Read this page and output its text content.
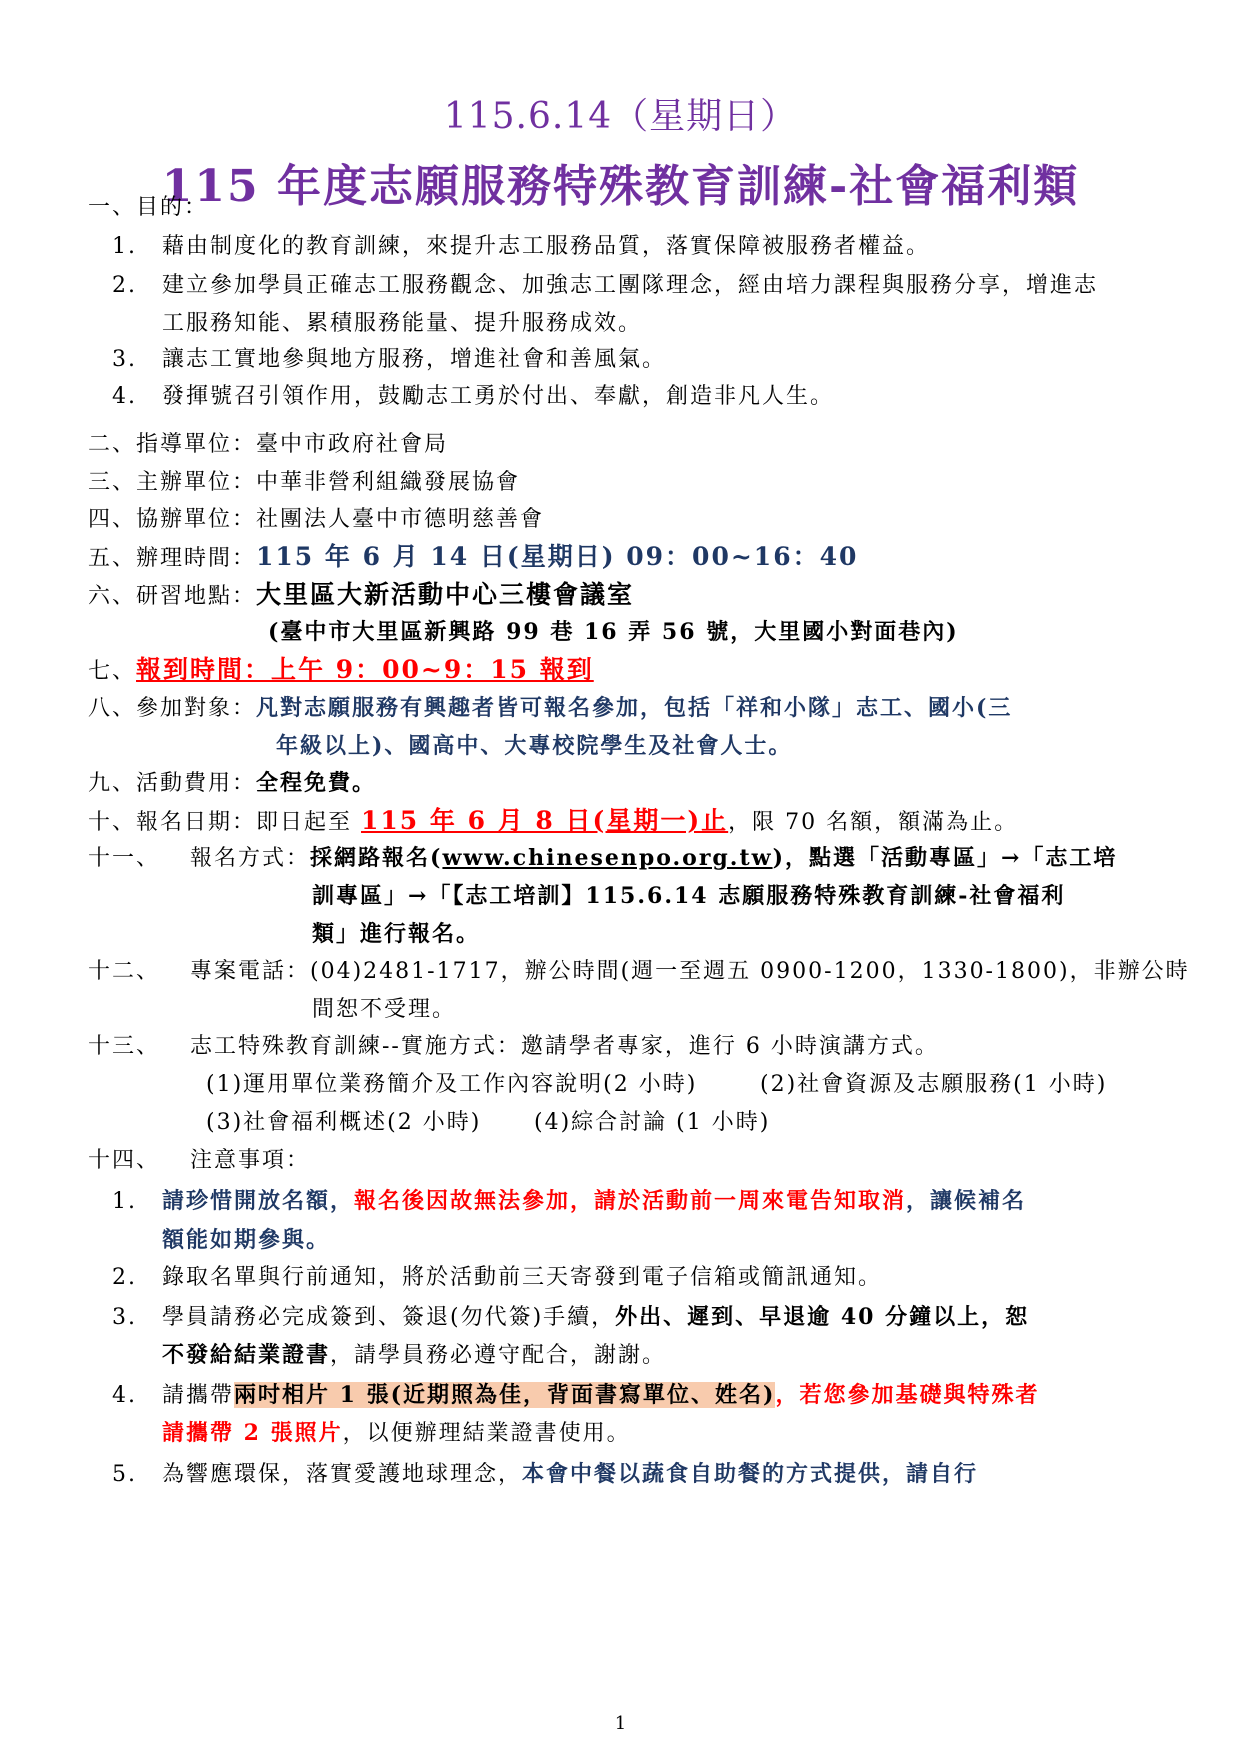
115.6.14（星期日）
115 年度志願服務特殊教育訓練-社會福利類
一、目的：
1. 藉由制度化的教育訓練，來提升志工服務品質，落實保障被服務者權益。
2. 建立參加學員正確志工服務觀念、加強志工團隊理念，經由培力課程與服務分享，增進志
工服務知能、累積服務能量、提升服務成效。
3. 讓志工實地參與地方服務，增進社會和善風氣。
4. 發揮號召引領作用，鼓勵志工勇於付出、奉獻，創造非凡人生。
二、指導單位：臺中市政府社會局
三、主辦單位：中華非營利組織發展協會
四、協辦單位：社團法人臺中市德明慈善會
五、辦理時間：115 年 6 月 14 日(星期日) 09：00~16：40
六、研習地點：大里區大新活動中心三樓會議室
(臺中市大里區新興路 99 巷 16 弄 56 號，大里國小對面巷內)
七、報到時間：上午 9：00~9：15 報到
八、參加對象：凡對志願服務有興趣者皆可報名參加，包括「祥和小隊」志工、國小(三
年級以上)、國高中、大專校院學生及社會人士。
九、活動費用：全程免費。
十、報名日期：即日起至 115 年 6 月 8 日(星期一)止，限 70 名額，額滿為止。
十一、 報名方式：採網路報名(www.chinesenpo.org.tw)，點選「活動專區」→「志工培
訓專區」→「【志工培訓】115.6.14 志願服務特殊教育訓練-社會福利
類」進行報名。
十二、 專案電話：(04)2481-1717，辦公時間(週一至週五 0900-1200，1330-1800)，非辦公時
間恕不受理。
十三、 志工特殊教育訓練--實施方式：邀請學者專家，進行 6 小時演講方式。
(1)運用單位業務簡介及工作內容說明(2 小時)	(2)社會資源及志願服務(1 小時)
(3)社會福利概述(2 小時) (4)綜合討論 (1 小時)
十四、 注意事項：
1. 請珍惜開放名額，報名後因故無法參加，請於活動前一周來電告知取消，讓候補名
額能如期參與。
2. 錄取名單與行前通知，將於活動前三天寄發到電子信箱或簡訊通知。
3. 學員請務必完成簽到、簽退(勿代簽)手續，外出、遲到、早退逾 40 分鐘以上，恕
不發給結業證書，請學員務必遵守配合，謝謝。
4. 請攜帶兩吋相片 1 張(近期照為佳，背面書寫單位、姓名)，若您參加基礎與特殊者
請攜帶 2 張照片，以便辦理結業證書使用。
5. 為響應環保，落實愛護地球理念，本會中餐以蔬食自助餐的方式提供，請自行
1
